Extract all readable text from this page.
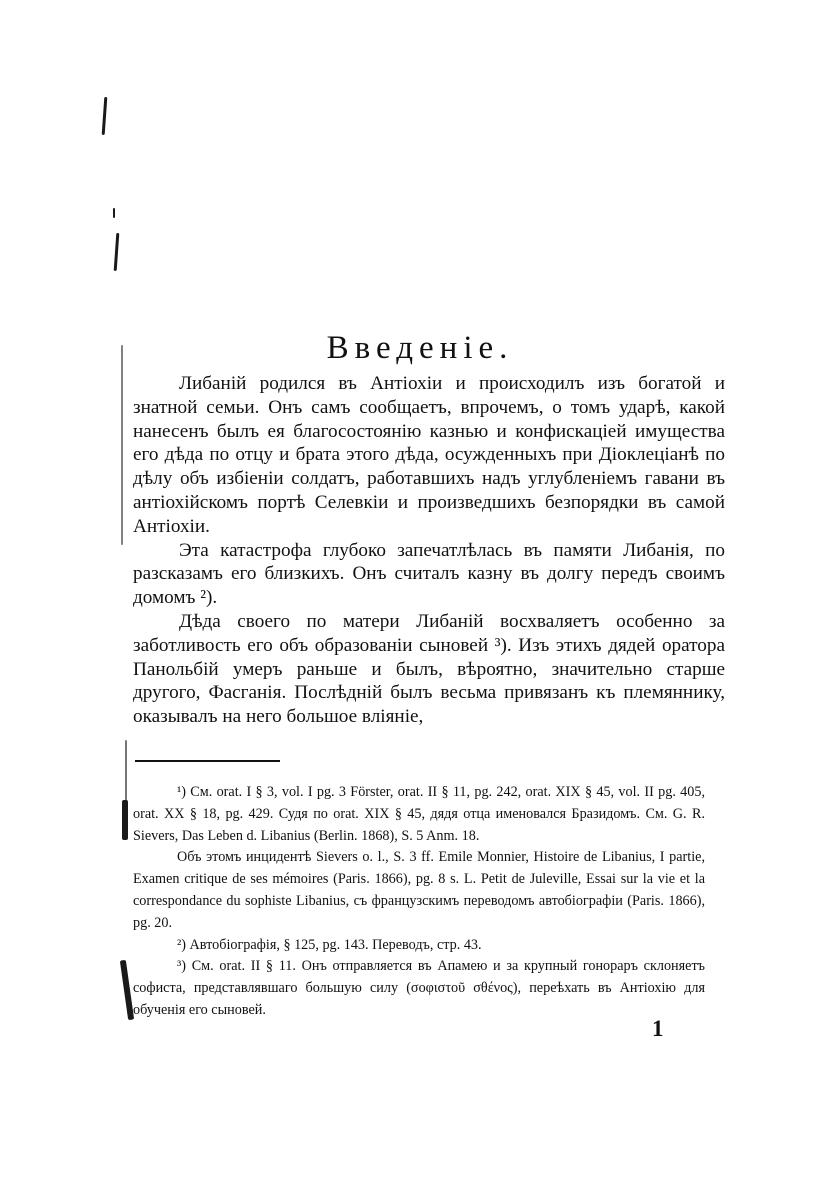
Введенiе.

Либанiй родился въ Антiохiи и происходилъ изъ богатой и знатной семьи. Онъ самъ сообщаетъ, впрочемъ, о томъ ударѣ, какой нанесенъ былъ ея благосостоянiю казнью и конфискацiей имущества его дѣда по отцу и брата этого дѣда, осужденныхъ при Дiоклецiанѣ по дѣлу объ избiенiи солдатъ, работавшихъ надъ углубленiемъ гавани въ антiохiйскомъ портѣ Селевкiи и произведшихъ безпорядки въ самой Антiохiи.

Эта катастрофа глубоко запечатлѣлась въ памяти Либанiя, по разсказамъ его близкихъ. Онъ считалъ казну въ долгу передъ своимъ домомъ ²).

Дѣда своего по матери Либанiй восхваляетъ особенно за заботливость его объ образованiи сыновей ³). Изъ этихъ дядей оратора Панольбiй умеръ раньше и былъ, вѣроятно, значительно старше другого, Фасганiя. Послѣднiй былъ весьма привязанъ къ племяннику, оказывалъ на него большое влiянiе,

¹) См. orat. I § 3, vol. I pg. 3 Förster, orat. II § 11, pg. 242, orat. XIX § 45, vol. II pg. 405, orat. XX § 18, pg. 429. Судя по orat. XIX § 45, дядя отца именовался Бразидомъ. См. G. R. Sievers, Das Leben d. Libanius (Berlin. 1868), S. 5 Anm. 18.

Объ этомъ инцидентѣ Sievers o. l., S. 3 ff. Emile Monnier, Histoire de Libanius, I partie, Examen critique de ses mémoires (Paris. 1866), pg. 8 s. L. Petit de Juleville, Essai sur la vie et la correspondance du sophiste Libanius, съ французскимъ переводомъ автобiографiи (Paris. 1866), pg. 20.

²) Автобiографiя, § 125, pg. 143. Переводъ, стр. 43.

³) См. orat. II § 11. Онъ отправляется въ Апамею и за крупный гонораръ склоняетъ софиста, представлявшаго большую силу (σοφιστοῦ σθένος), переѣхать въ Антiохiю для обученiя его сыновей.

1
